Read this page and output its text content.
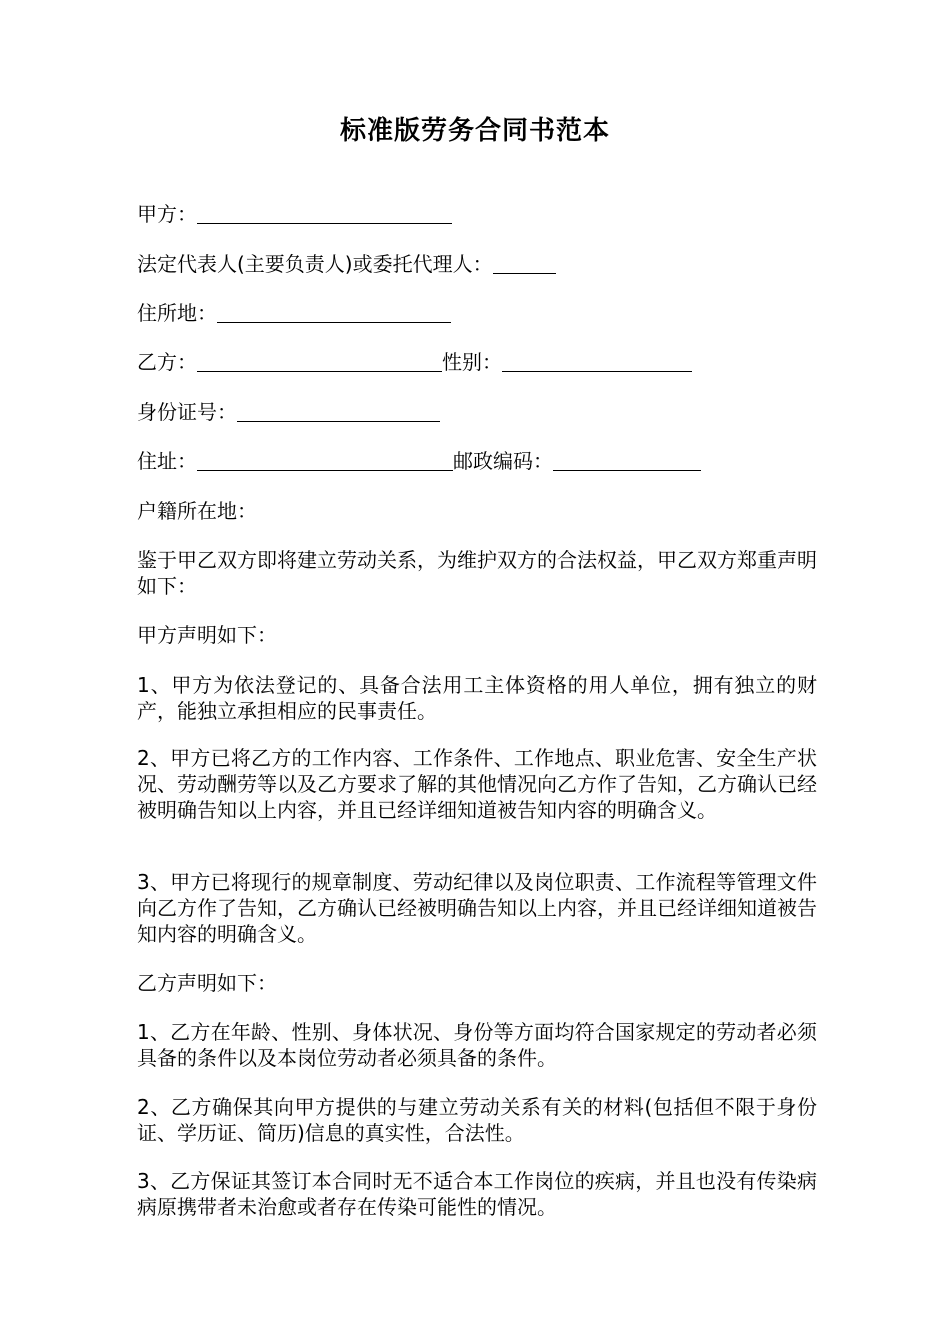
标准版劳务合同书范本
甲方：
法定代表人(主要负责人)或委托代理人：
住所地：
乙方：	性别：
身份证号：
住址：	邮政编码：
户籍所在地：
鉴于甲乙双方即将建立劳动关系，为维护双方的合法权益，甲乙双方郑重声明如下：
甲方声明如下：
1、甲方为依法登记的、具备合法用工主体资格的用人单位，拥有独立的财产，能独立承担相应的民事责任。
2、甲方已将乙方的工作内容、工作条件、工作地点、职业危害、安全生产状况、劳动酬劳等以及乙方要求了解的其他情况向乙方作了告知，乙方确认已经被明确告知以上内容，并且已经详细知道被告知内容的明确含义。
3、甲方已将现行的规章制度、劳动纪律以及岗位职责、工作流程等管理文件向乙方作了告知，乙方确认已经被明确告知以上内容，并且已经详细知道被告知内容的明确含义。
乙方声明如下：
1、乙方在年龄、性别、身体状况、身份等方面均符合国家规定的劳动者必须具备的条件以及本岗位劳动者必须具备的条件。
2、乙方确保其向甲方提供的与建立劳动关系有关的材料(包括但不限于身份证、学历证、简历)信息的真实性，合法性。
3、乙方保证其签订本合同时无不适合本工作岗位的疾病，并且也没有传染病病原携带者未治愈或者存在传染可能性的情况。
